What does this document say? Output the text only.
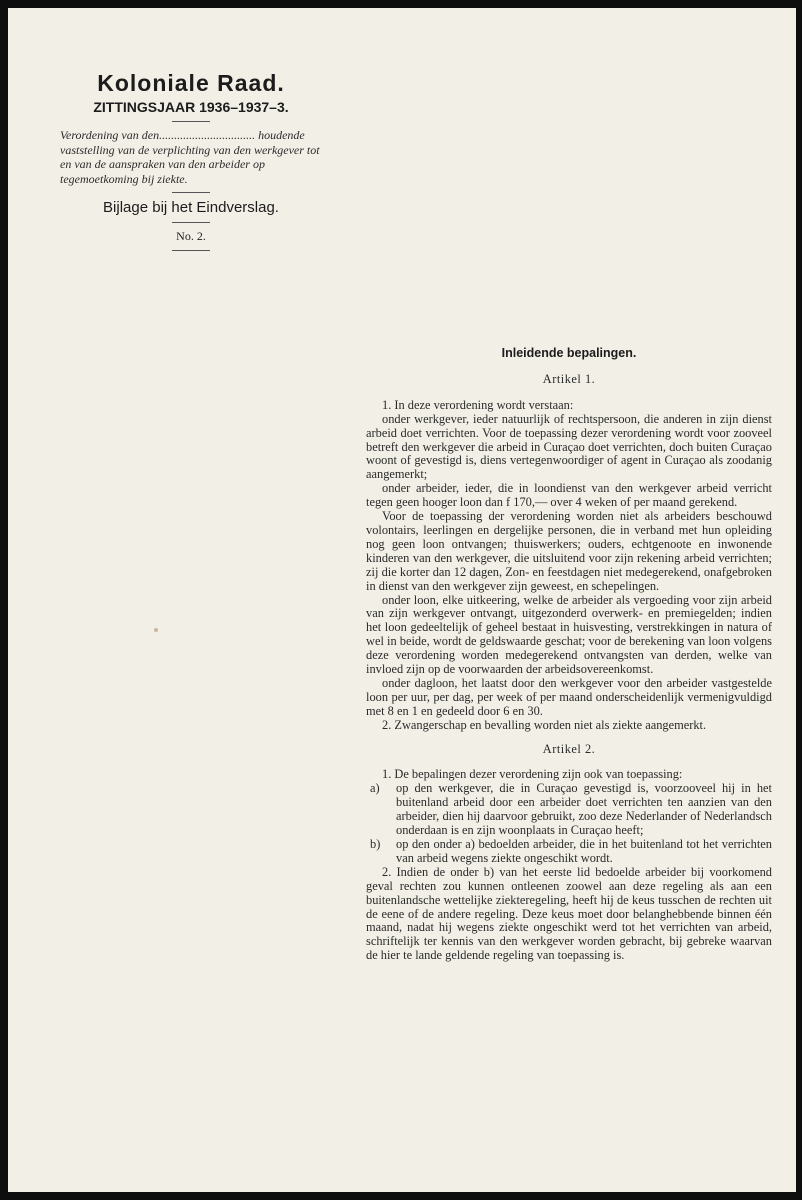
Koloniale Raad.
ZITTINGSJAAR 1936–1937–3.
Verordening van den................................ houdende vaststelling van de verplichting van den werkgever tot en van de aanspraken van den arbeider op tegemoetkoming bij ziekte.
Bijlage bij het Eindverslag.
No. 2.
Inleidende bepalingen.
Artikel 1.

1. In deze verordening wordt verstaan:

onder werkgever, ieder natuurlijk of rechtspersoon, die anderen in zijn dienst arbeid doet verrichten. Voor de toepassing dezer verordening wordt voor zooveel betreft den werkgever die arbeid in Curaçao doet verrichten, doch buiten Curaçao woont of gevestigd is, diens vertegenwoordiger of agent in Curaçao als zoodanig aangemerkt;

onder arbeider, ieder, die in loondienst van den werkgever arbeid verricht tegen geen hooger loon dan f 170,— over 4 weken of per maand gerekend.

Voor de toepassing der verordening worden niet als arbeiders beschouwd volontairs, leerlingen en dergelijke personen, die in verband met hun opleiding nog geen loon ontvangen; thuiswerkers; ouders, echtgenoote en inwonende kinderen van den werkgever, die uitsluitend voor zijn rekening arbeid verrichten; zij die korter dan 12 dagen, Zon- en feestdagen niet medegerekend, onafgebroken in dienst van den werkgever zijn geweest, en schepelingen.

onder loon, elke uitkeering, welke de arbeider als vergoeding voor zijn arbeid van zijn werkgever ontvangt, uitgezonderd overwerk- en premiegelden; indien het loon gedeeltelijk of geheel bestaat in huisvesting, verstrekkingen in natura of wel in beide, wordt de geldswaarde geschat; voor de berekening van loon volgens deze verordening worden medegerekend ontvangsten van derden, welke van invloed zijn op de voorwaarden der arbeidsovereenkomst.

onder dagloon, het laatst door den werkgever voor den arbeider vastgestelde loon per uur, per dag, per week of per maand onderscheidenlijk vermenigvuldigd met 8 en 1 en gedeeld door 6 en 30.

2. Zwangerschap en bevalling worden niet als ziekte aangemerkt.

Artikel 2.

1. De bepalingen dezer verordening zijn ook van toepassing:

a) op den werkgever, die in Curaçao gevestigd is, voorzooveel hij in het buitenland arbeid door een arbeider doet verrichten ten aanzien van den arbeider, dien hij daarvoor gebruikt, zoo deze Nederlander of Nederlandsch onderdaan is en zijn woonplaats in Curaçao heeft;
b) op den onder a) bedoelden arbeider, die in het buitenland tot het verrichten van arbeid wegens ziekte ongeschikt wordt.

2. Indien de onder b) van het eerste lid bedoelde arbeider bij voorkomend geval rechten zou kunnen ontleenen zoowel aan deze regeling als aan een buitenlandsche wettelijke ziekteregeling, heeft hij de keus tusschen de rechten uit de eene of de andere regeling. Deze keus moet door belanghebbende binnen één maand, nadat hij wegens ziekte ongeschikt werd tot het verrichten van arbeid, schriftelijk ter kennis van den werkgever worden gebracht, bij gebreke waarvan de hier te lande geldende regeling van toepassing is.
